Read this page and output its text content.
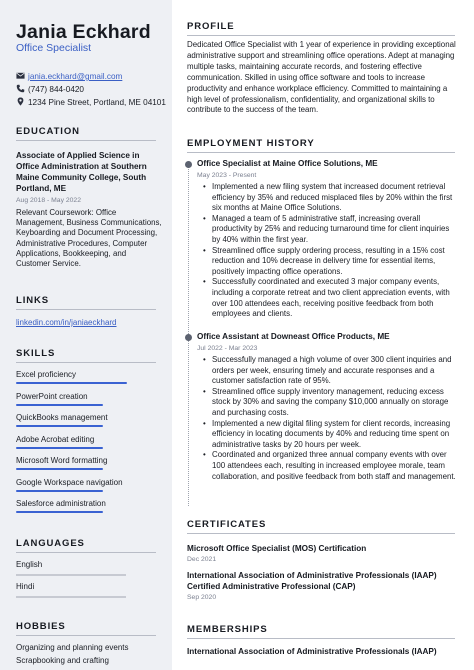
Jania Eckhard
Office Specialist
jania.eckhard@gmail.com
(747) 844-0420
1234 Pine Street, Portland, ME 04101
EDUCATION
Associate of Applied Science in Office Administration at Southern Maine Community College, South Portland, ME
Aug 2018 - May 2022
Relevant Coursework: Office Management, Business Communications, Keyboarding and Document Processing, Administrative Procedures, Computer Applications, Bookkeeping, and Customer Service.
LINKS
linkedin.com/in/janiaeckhard
SKILLS
Excel proficiency
PowerPoint creation
QuickBooks management
Adobe Acrobat editing
Microsoft Word formatting
Google Workspace navigation
Salesforce administration
LANGUAGES
English
Hindi
HOBBIES
Organizing and planning events
Scrapbooking and crafting
PROFILE
Dedicated Office Specialist with 1 year of experience in providing exceptional administrative support and streamlining office operations. Adept at managing multiple tasks, maintaining accurate records, and fostering effective communication. Skilled in using office software and tools to increase productivity and enhance workplace efficiency. Committed to maintaining a high level of professionalism, confidentiality, and organizational skills to contribute to the success of the team.
EMPLOYMENT HISTORY
Office Specialist at Maine Office Solutions, ME
May 2023 - Present
• Implemented a new filing system that increased document retrieval efficiency by 35% and reduced misplaced files by 20% within the first six months at Maine Office Solutions.
• Managed a team of 5 administrative staff, increasing overall productivity by 25% and reducing turnaround time for client inquiries by 40% within the first year.
• Streamlined office supply ordering process, resulting in a 15% cost reduction and 10% decrease in delivery time for essential items, positively impacting office operations.
• Successfully coordinated and executed 3 major company events, including a corporate retreat and two client appreciation events, with over 100 attendees each, receiving positive feedback from both employees and clients.
Office Assistant at Downeast Office Products, ME
Jul 2022 - Mar 2023
• Successfully managed a high volume of over 300 client inquiries and orders per week, ensuring timely and accurate responses and a customer satisfaction rate of 95%.
• Streamlined office supply inventory management, reducing excess stock by 30% and saving the company $10,000 annually on storage and purchasing costs.
• Implemented a new digital filing system for client records, increasing efficiency in locating documents by 40% and reducing time spent on administrative tasks by 20 hours per week.
• Coordinated and organized three annual company events with over 100 attendees each, resulting in increased employee morale, team collaboration, and positive feedback from both staff and management.
CERTIFICATES
Microsoft Office Specialist (MOS) Certification
Dec 2021
International Association of Administrative Professionals (IAAP) Certified Administrative Professional (CAP)
Sep 2020
MEMBERSHIPS
International Association of Administrative Professionals (IAAP)
